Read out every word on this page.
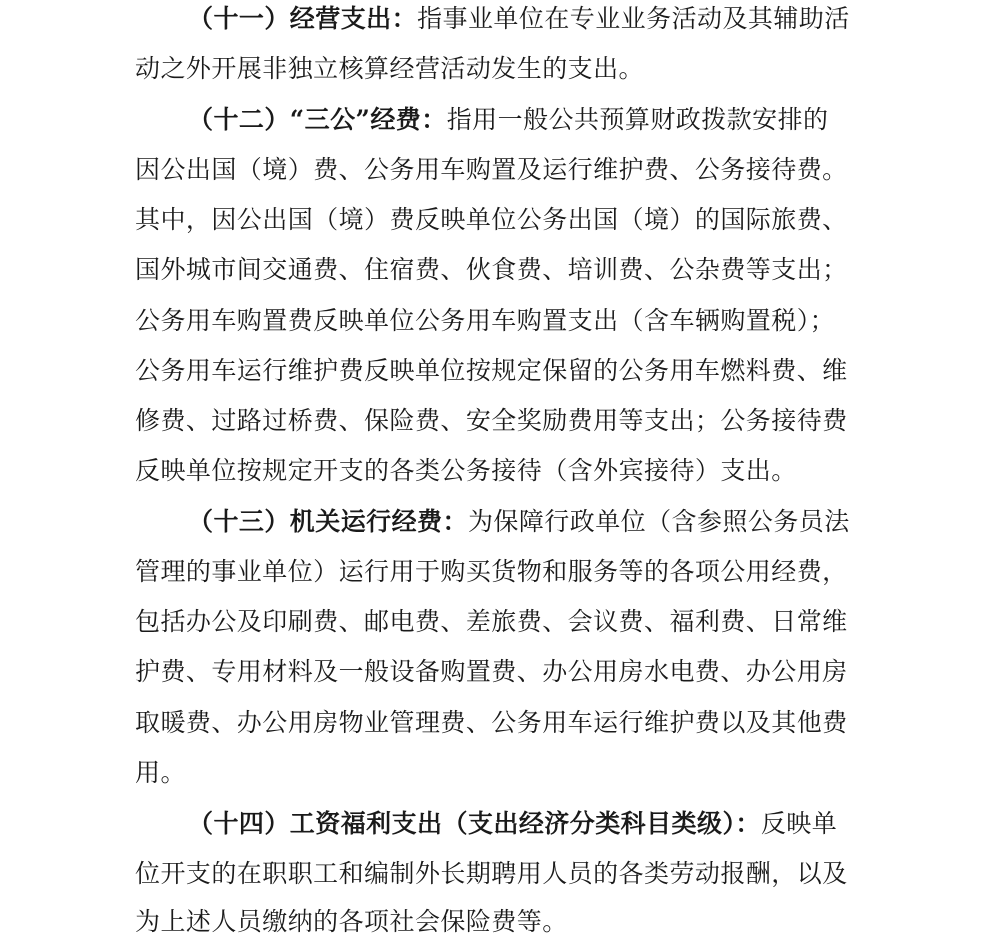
（十一）经营支出：指事业单位在专业业务活动及其辅助活
动之外开展非独立核算经营活动发生的支出。
（十二）“三公”经费：指用一般公共预算财政拨款安排的
因公出国（境）费、公务用车购置及运行维护费、公务接待费。
其中，因公出国（境）费反映单位公务出国（境）的国际旅费、
国外城市间交通费、住宿费、伙食费、培训费、公杂费等支出；
公务用车购置费反映单位公务用车购置支出（含车辆购置税）；
公务用车运行维护费反映单位按规定保留的公务用车燃料费、维
修费、过路过桥费、保险费、安全奖励费用等支出；公务接待费
反映单位按规定开支的各类公务接待（含外宾接待）支出。
（十三）机关运行经费：为保障行政单位（含参照公务员法
管理的事业单位）运行用于购买货物和服务等的各项公用经费，
包括办公及印刷费、邮电费、差旅费、会议费、福利费、日常维
护费、专用材料及一般设备购置费、办公用房水电费、办公用房
取暖费、办公用房物业管理费、公务用车运行维护费以及其他费
用。
（十四）工资福利支出（支出经济分类科目类级）：反映单
位开支的在职职工和编制外长期聘用人员的各类劳动报酬，以及
为上述人员缴纳的各项社会保险费等。
